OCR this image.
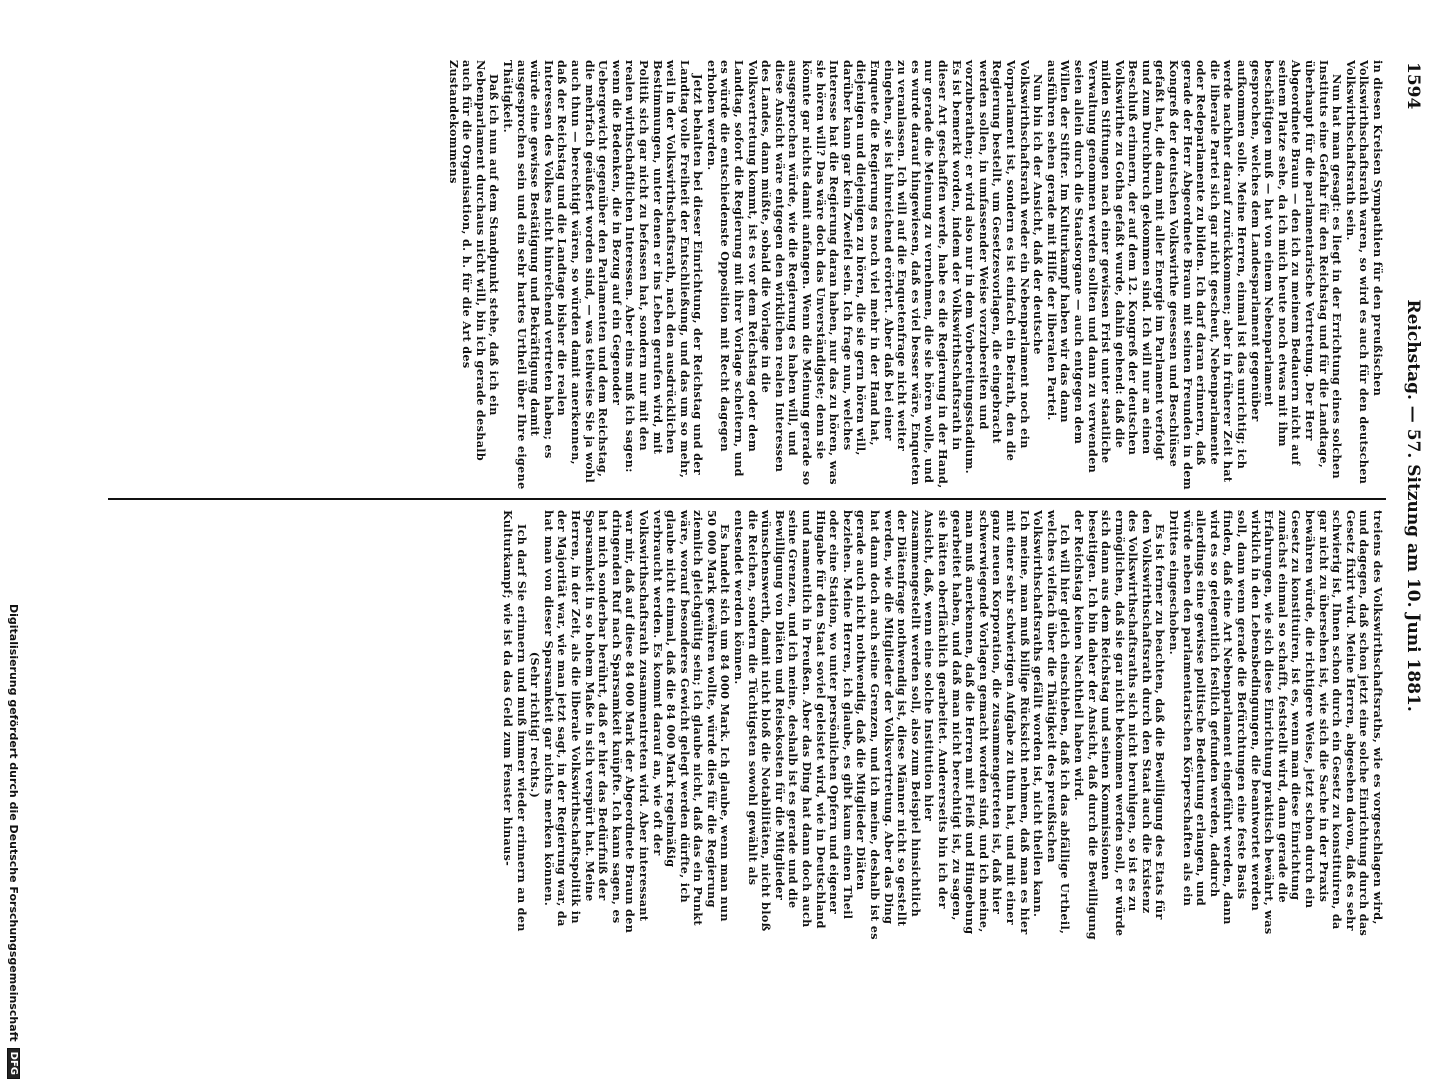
1594
Reichstag. — 57. Sitzung am 10. Juni 1881.

in diesen Kreisen Sympathien für den preußischen Volkswirthschaftsrath waren, so wird es auch für den deutschen Volkswirthschaftsrath sein.

Nun hat man gesagt: es liegt in der Errichtung eines solchen Instituts eine Gefahr für den Reichstag und für die Landtage, überhaupt für die parlamentarische Vertretung. Der Herr Abgeordnete Braun — den ich zu meinem Bedauern nicht auf seinem Platze sehe, da ich mich heute noch etwas mit ihm beschäftigen muß — hat von einem Nebenparlament gesprochen, welches dem Landesparlament gegenüber aufkommen solle. Meine Herren, einmal ist das unrichtig; ich werde nachher darauf zurückkommen; aber in früherer Zeit hat die liberale Partei sich gar nicht gescheut, Nebenparlamente oder Redeparlamente zu bilden. Ich darf daran erinnern, daß gerade der Herr Abgeordnete Braun mit seinen Freunden in dem Kongreß der deutschen Volkswirthe gesessen und Beschlüsse gefaßt hat, die dann mit aller Energie im Parlament verfolgt und zum Durchbruch gekommen sind. Ich will nur an einen Beschluß erinnern, der auf dem 12. Kongreß der deutschen Volkswirthe zu Gotha gefaßt wurde, dahin gehend: daß die milden Stiftungen nach einer gewissen Frist unter staatliche Verwaltung genommen werden sollten und dann zu verwenden seien allein durch die Staatsorgane — auch entgegen dem Willen der Stifter. Im Kulturkampf haben wir das dann ausführen sehen gerade mit Hilfe der liberalen Partei.

Nun bin ich der Ansicht, daß der deutsche Volkswirthschaftsrath weder ein Nebenparlament noch ein Vorparlament ist, sondern es ist einfach ein Beirath, den die Regierung bestellt, um Gesetzesvorlagen, die eingebracht werden sollen, in umfassender Weise vorzubereiten und vorzuberathen; er wird also nur in dem Vorbereitungsstadium. Es ist bemerkt worden, indem der Volkswirthschaftsrath in dieser Art geschaffen werde, habe es die Regierung in der Hand, nur gerade die Meinung zu vernehmen, die sie hören wolle, und es wurde darauf hingewiesen, daß es viel besser wäre, Enqueten zu veranlassen. Ich will auf die Enquetenfrage nicht weiter eingehen, sie ist hinreichend erörtert. Aber daß bei einer Enquete die Regierung es noch viel mehr in der Hand hat, diejenigen und diejenigen zu hören, die sie gern hören will, darüber kann gar kein Zweifel sein. Ich frage nun, welches Interesse hat die Regierung daran haben, nur das zu hören, was sie hören will? Das wäre doch das Unverständigste; denn sie könnte gar nichts damit anfangen. Wenn die Meinung gerade so ausgesprochen würde, wie die Regierung es haben will, und diese Ansicht wäre entgegen den wirklichen realen Interessen des Landes, dann müßte, sobald die Vorlage in die Volksvertretung kommt, ist es vor dem Reichstag oder dem Landtag, sofort die Regierung mit ihrer Vorlage scheitern, und es würde die entschiedenste Opposition mit Recht dagegen erhoben werden.

Jetzt behalten bei dieser Einrichtung, der Reichstag und der Landtag volle Freiheit der Entschließung, und das um so mehr, weil in der Volkswirthschaftsrath, nach den ausdrücklichen Bestimmungen, unter denen er ins Leben gerufen wird, mit Politik sich gar nicht zu befassen hat, sondern nur mit den realen wirthschaftlichen Interessen. Aber eins muß ich sagen: wenn die Bedenken, die in Bezug auf ein Gegenoder Uebergewicht gegenüber den Parlamenten und dem Reichstag, die mehrfach geäußert worden sind, — was teilweise Sie ja wohl auch thun — berechtigt wären, so würden damit anerkennen, daß der Reichstag und die Landtage bisher die realen Interessen des Volkes nicht hinreichend vertreten haben; es würde eine gewisse Bestätigung und Bekräftigung damit ausgesprochen sein und ein sehr hartes Urtheil über Ihre eigene Thätigkeit.

Daß ich nun auf dem Standpunkt stehe, daß ich ein Nebenparlament durchaus nicht will, bin ich gerade deshalb auch für die Organisation, d. h. für die Art des Zustandekommens

treiens des Volkswirthschaftsraths, wie es vorgeschlagen wird, und dagegen, daß schon jetzt eine solche Einrichtung durch das Gesetz fixirt wird. Meine Herren, abgesehen davon, daß es sehr schwierig ist, Ihnen schon durch ein Gesetz zu konstituiren, da gar nicht zu übersehen ist, wie sich die Sache in der Praxis bewähren würde, die richtigere Weise, jetzt schon durch ein Gesetz zu konstituiren, ist es, wenn man diese Einrichtung zunächst einmal so schafft, feststellt wird, dann gerade die Erfahrungen, wie sich diese Einrichtung praktisch bewährt, was wirklich in den Lebensbedingungen, die beantwortet werden soll, dann wenn gerade die Befürchtungen eine feste Basis finden, daß eine Art Nebenparlament eingeführt werden, dann wird es so gelegentlich festlich gefunden werden, dadurch allerdings eine gewisse politische Bedeutung erlangen, und würde neben den parlamentarischen Körperschaften als ein Drittes eingeschoben.

Es ist ferner zu beachten, daß die Bewilligung des Etats für den Volkswirthschaftsrath durch den Staat auch die Existenz des Volkswirthschaftsraths sich nicht beruhigen, so ist es zu ermöglichen, daß sie gar nicht bekommen werden soll, er würde sich dann aus dem Reichstag und seinen Kommissionen beseitigen. Ich bin daher der Ansicht, daß durch die Bewilligung der Reichstag keinen Nachtheil haben wird.

Ich will hier gleich einschieben, daß ich das abfällige Urtheil, welches vielfach über die Thätigkeit des preußischen Volkswirthschaftsraths gefällt worden ist, nicht theilen kann. Ich meine, man muß billige Rücksicht nehmen, daß man es hier mit einer sehr schwierigen Aufgabe zu thun hat, und mit einer ganz neuen Korporation, die zusammengetreten ist, daß hier schwerwiegende Vorlagen gemacht worden sind, und ich meine, man muß anerkennen, daß die Herren mit Fleiß und Hingebung gearbeitet haben, und daß man nicht berechtigt ist, zu sagen, sie hätten oberflächlich gearbeitet. Andererseits bin ich der Ansicht, daß, wenn eine solche Institution hier zusammengestellt werden soll, also zum Beispiel hinsichtlich der Diätenfrage nothwendig ist, diese Männer nicht so gestellt werden, wie die Mitglieder der Volksvertretung. Aber das Ding hat dann doch auch seine Grenzen, und ich meine, deshalb ist es gerade auch nicht nothwendig, daß die Mitglieder Diäten beziehen. Meine Herren, ich glaube, es gibt kaum einen Theil oder eine Station, wo unter persönlichen Opfern und eigener Hingabe für den Staat soviel geleistet wird, wie in Deutschland und namentlich in Preußen. Aber das Ding hat dann doch auch seine Grenzen, und ich meine, deshalb ist es gerade und die Bewilligung von Diäten und Reisekosten für die Mitglieder wünschenswerth, damit nicht bloß die Notabilitäten, nicht bloß die Reichen, sondern die Tüchtigsten sowohl gewählt als entsendet werden können.

Es handelt sich um 84 000 Mark. Ich glaube, wenn man nun 50 000 Mark gewähren wollte, würde dies für die Regierung ziemlich gleichgültig sein; ich glaube nicht, daß das ein Punkt wäre, worauf besonderes Gewicht gelegt werden dürfte, ich glaube nicht einmal, daß die 84 000 Mark regelmäßig verbraucht werden. Es kommt darauf an, wie oft der Volkswirthschaftsrath zusammentreten wird. Aber interessant war mir, daß auf diese 84 000 Mark der Abgeordnete Braun den dringenden Ruf nach Sparsamkeit knüpfte. Ich kann sagen, es hat mich sonderbar berührt, daß er hier das Bedürfniß der Sparsamkeit in so hohem Maße in sich verspürt hat. Meine Herren, in der Zeit, als die liberale Volkswirthschaftspolitik in der Majorität war, wie man jetzt sagt, in der Regierung war, da hat man von dieser Sparsamkeit gar nichts merken können.

(Sehr richtig! rechts.)

Ich darf Sie erinnern und muß immer wieder erinnern an den Kulturkampf; wie ist da das Geld zum Fenster hinaus-

Digitalisierung gefördert durch die Deutsche Forschungsgemeinschaft
DFG
